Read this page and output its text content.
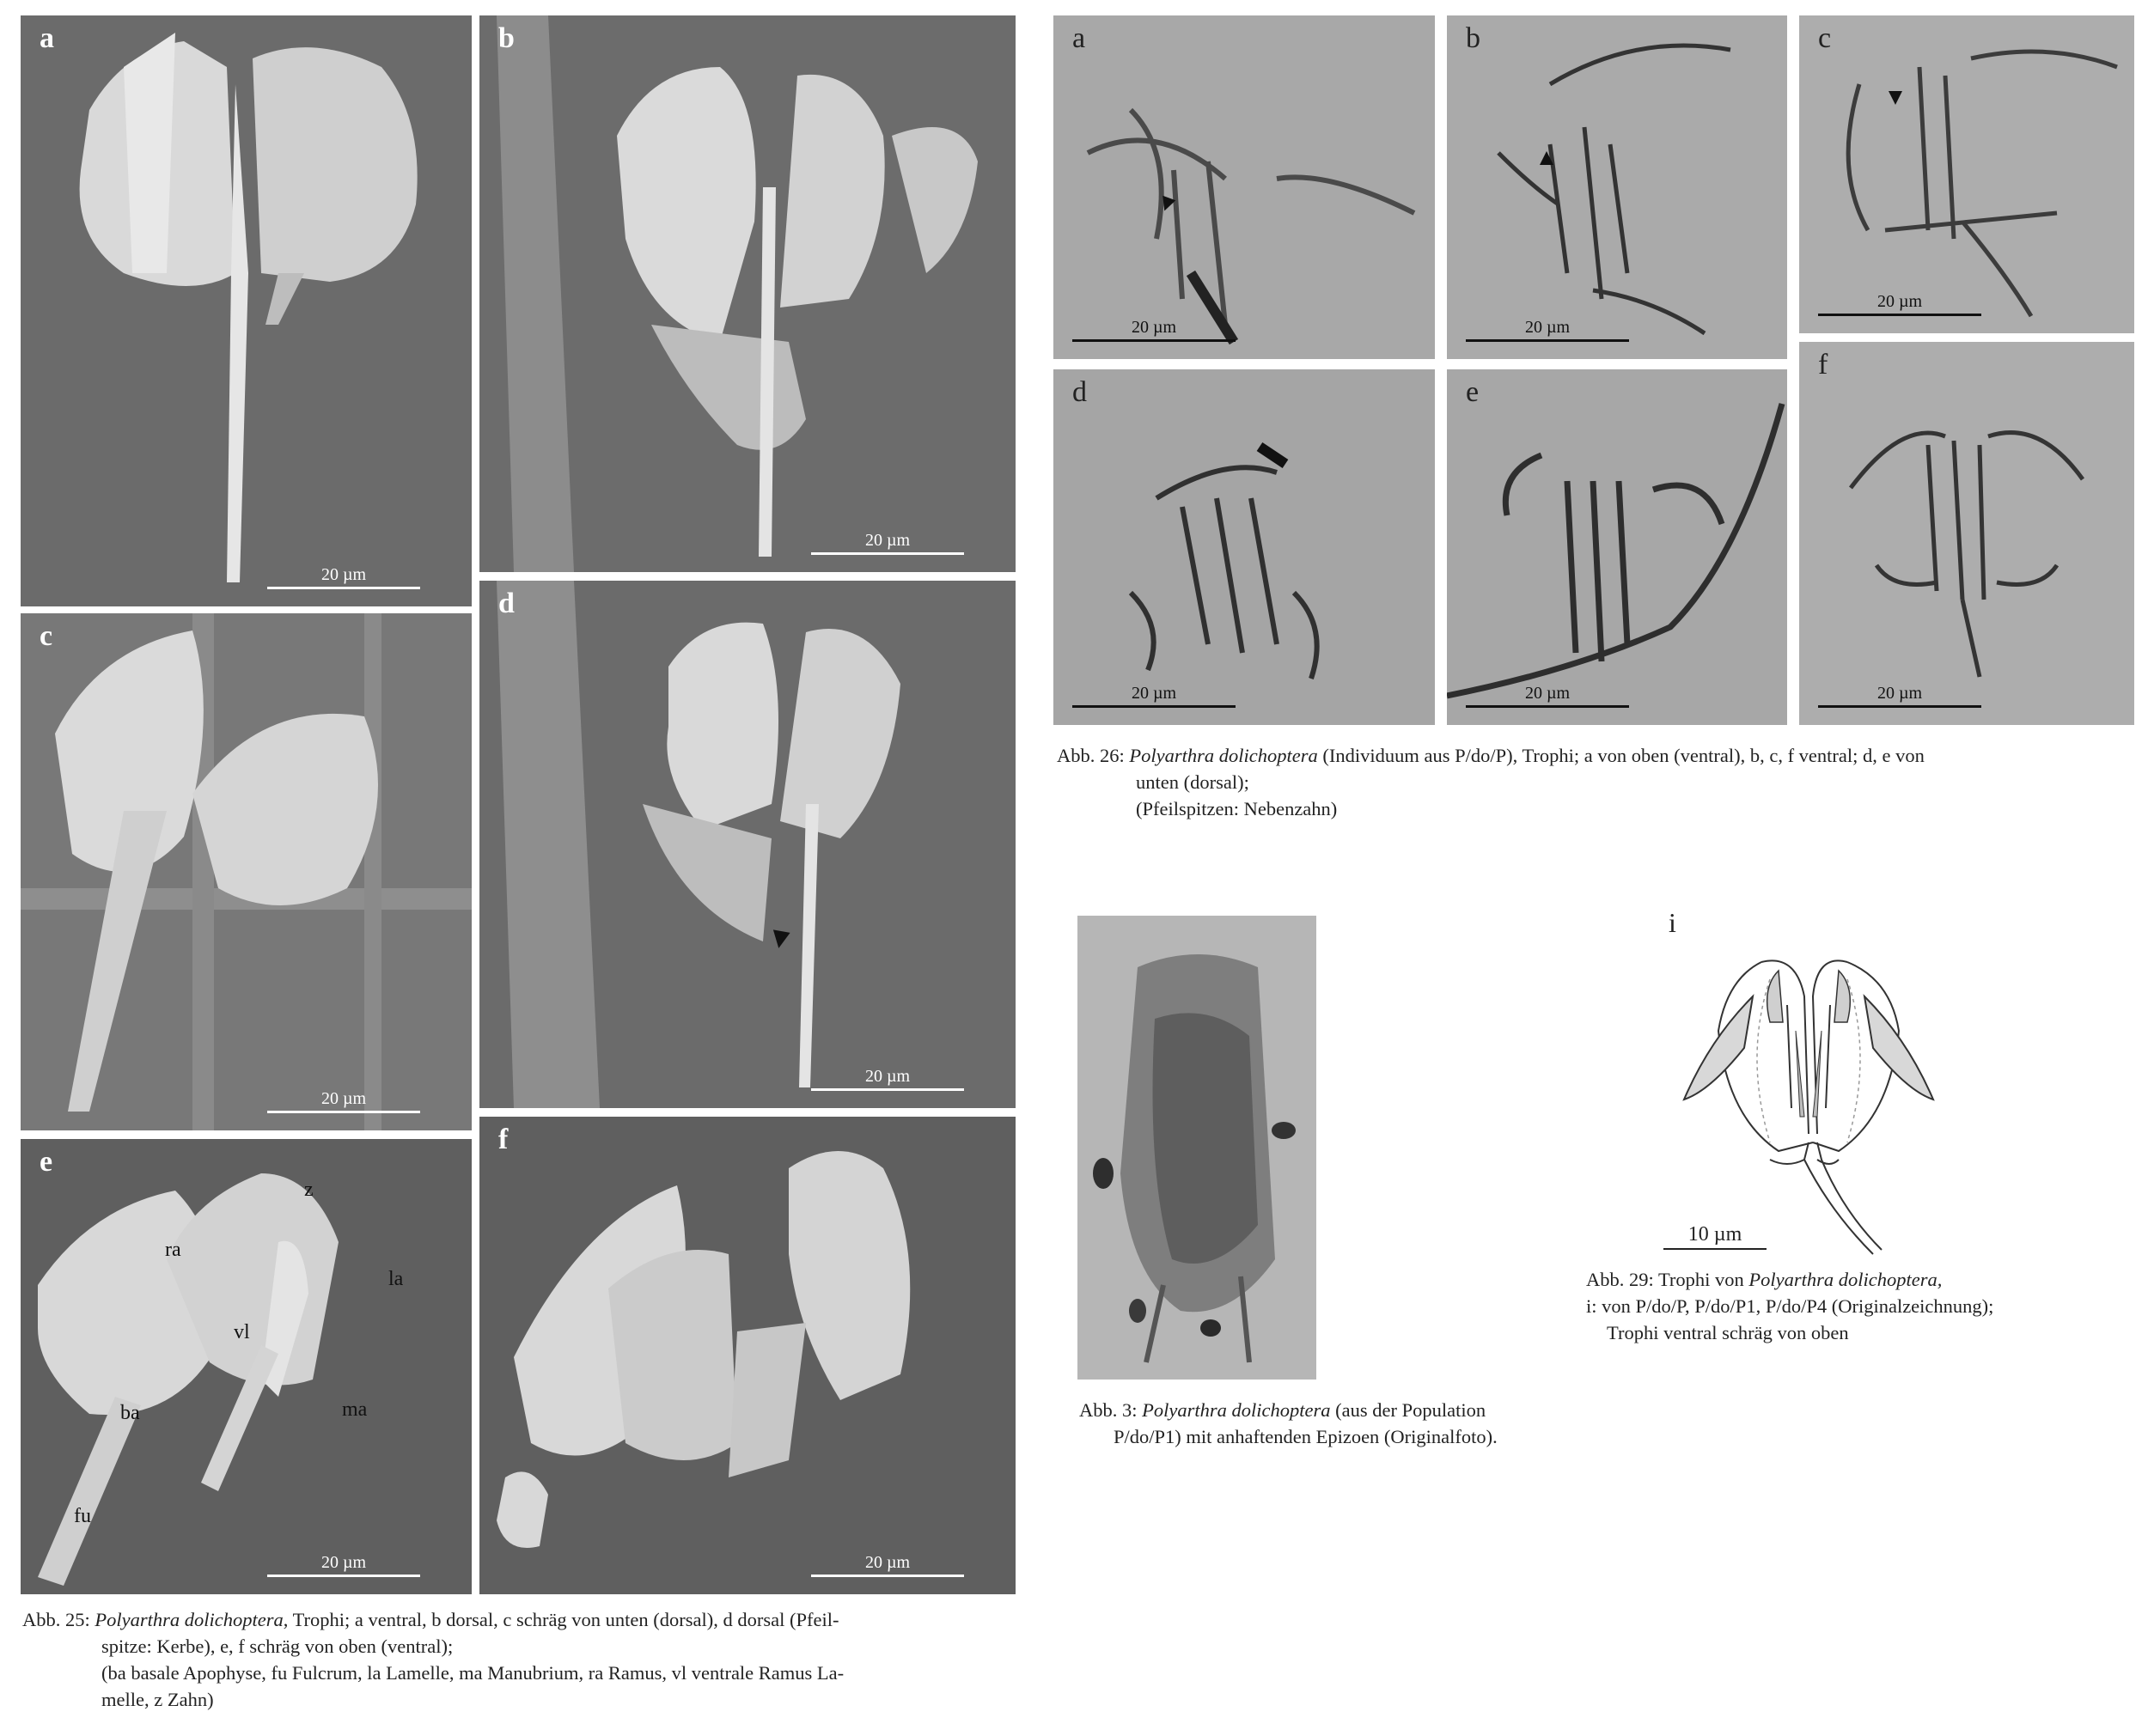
a
20 µm
b
20 µm
c
20 µm
d
20 µm
e
z
ra
la
vl
ba	ma
fu
20 µm
f
20 µm
Abb. 25: Polyarthra dolichoptera, Trophi; a ventral, b dorsal, c schräg von unten (dorsal), d dorsal (Pfeil-
spitze: Kerbe), e, f schräg von oben (ventral);
(ba basale Apophyse, fu Fulcrum, la Lamelle, ma Manubrium, ra Ramus, vl ventrale Ramus La-
melle, z Zahn)
a
20 µm
b
20 µm
c
20 µm
d
20 µm
e
20 µm
f
20 µm
Abb. 26: Polyarthra dolichoptera (Individuum aus P/do/P), Trophi; a von oben (ventral), b, c, f ventral; d, e von
unten (dorsal);
(Pfeilspitzen: Nebenzahn)
Abb. 3: Polyarthra dolichoptera (aus der Population
P/do/P1) mit anhaftenden Epizoen (Originalfoto).
i
10 µm
Abb. 29: Trophi von Polyarthra dolichoptera,
i: von P/do/P, P/do/P1, P/do/P4 (Originalzeichnung);
Trophi ventral schräg von oben
